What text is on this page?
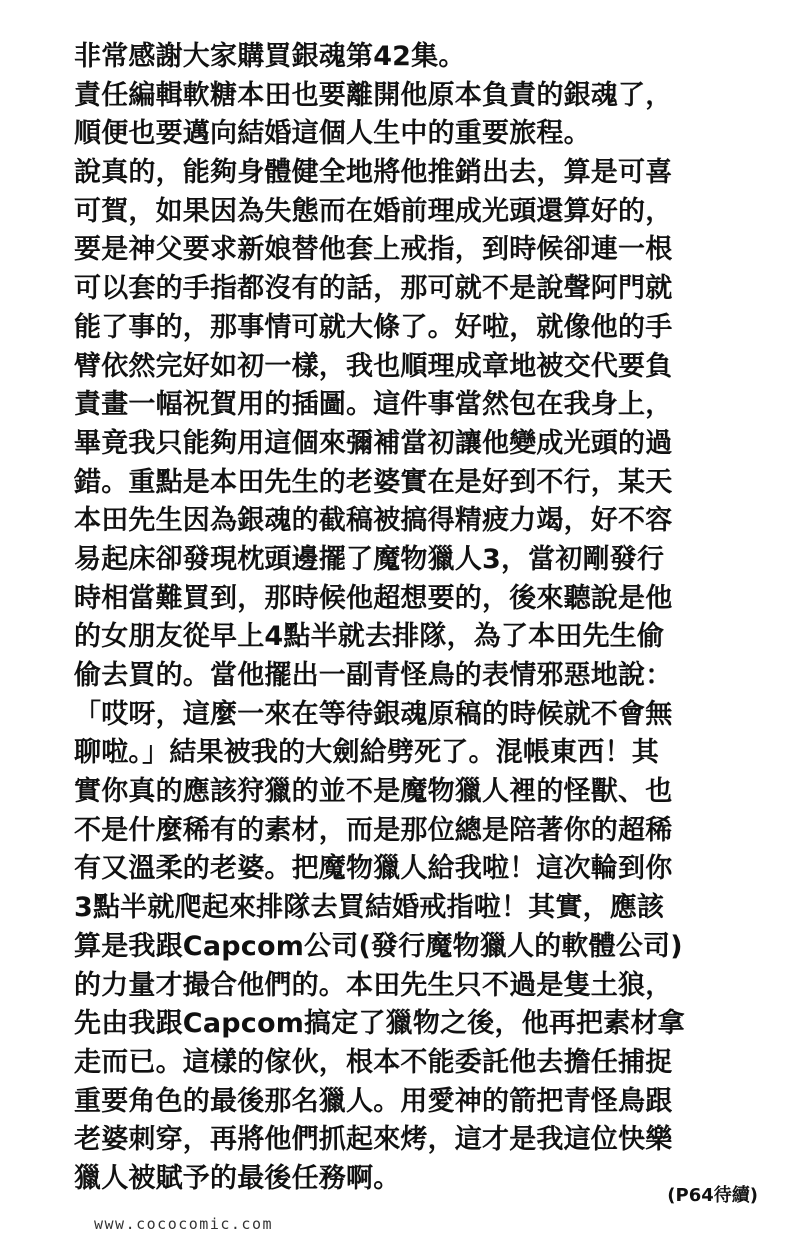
非常感謝大家購買銀魂第42集。
責任編輯軟糖本田也要離開他原本負責的銀魂了，
順便也要邁向結婚這個人生中的重要旅程。
說真的，能夠身體健全地將他推銷出去，算是可喜
可賀，如果因為失態而在婚前理成光頭還算好的，
要是神父要求新娘替他套上戒指，到時候卻連一根
可以套的手指都沒有的話，那可就不是說聲阿門就
能了事的，那事情可就大條了。好啦，就像他的手
臂依然完好如初一樣，我也順理成章地被交代要負
責畫一幅祝賀用的插圖。這件事當然包在我身上，
畢竟我只能夠用這個來彌補當初讓他變成光頭的過
錯。重點是本田先生的老婆實在是好到不行，某天
本田先生因為銀魂的截稿被搞得精疲力竭，好不容
易起床卻發現枕頭邊擺了魔物獵人3，當初剛發行
時相當難買到，那時候他超想要的，後來聽說是他
的女朋友從早上4點半就去排隊，為了本田先生偷
偷去買的。當他擺出一副青怪鳥的表情邪惡地說：
「哎呀，這麼一來在等待銀魂原稿的時候就不會無
聊啦。」結果被我的大劍給劈死了。混帳東西！其
實你真的應該狩獵的並不是魔物獵人裡的怪獸、也
不是什麼稀有的素材，而是那位總是陪著你的超稀
有又溫柔的老婆。把魔物獵人給我啦！這次輪到你
3點半就爬起來排隊去買結婚戒指啦！其實，應該
算是我跟Capcom公司(發行魔物獵人的軟體公司)
的力量才撮合他們的。本田先生只不過是隻土狼，
先由我跟Capcom搞定了獵物之後，他再把素材拿
走而已。這樣的傢伙，根本不能委託他去擔任捕捉
重要角色的最後那名獵人。用愛神的箭把青怪鳥跟
老婆刺穿，再將他們抓起來烤，這才是我這位快樂
獵人被賦予的最後任務啊。
(P64待續)
www.cococomic.com
